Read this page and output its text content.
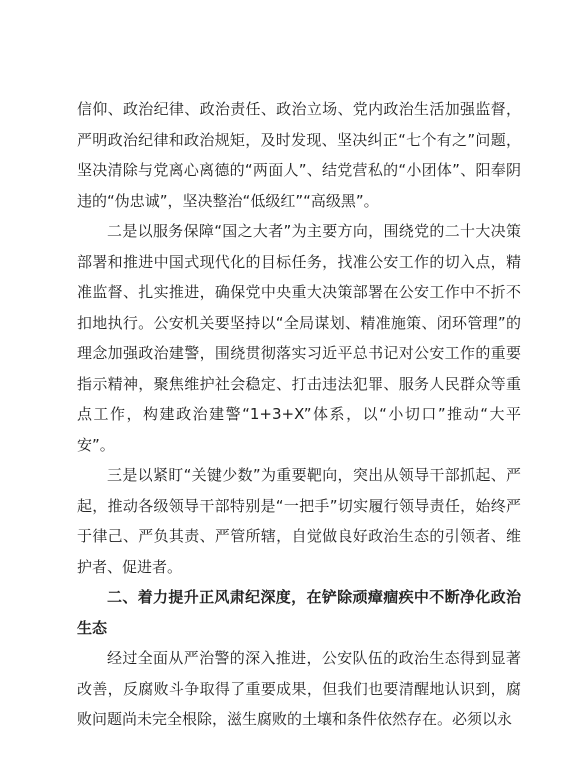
信仰、政治纪律、政治责任、政治立场、党内政治生活加强监督，严明政治纪律和政治规矩，及时发现、坚决纠正“七个有之”问题，坚决清除与党离心离德的“两面人”、结党营私的“小团体”、阳奉阴违的“伪忠诚”，坚决整治“低级红”“高级黑”。

二是以服务保障“国之大者”为主要方向，围绕党的二十大决策部署和推进中国式现代化的目标任务，找准公安工作的切入点，精准监督、扎实推进，确保党中央重大决策部署在公安工作中不折不扣地执行。公安机关要坚持以“全局谋划、精准施策、闭环管理”的理念加强政治建警，围绕贯彻落实习近平总书记对公安工作的重要指示精神，聚焦维护社会稳定、打击违法犯罪、服务人民群众等重点工作，构建政治建警“1+3+X”体系，以“小切口”推动“大平安”。

三是以紧盯“关键少数”为重要靶向，突出从领导干部抓起、严起，推动各级领导干部特别是“一把手”切实履行领导责任，始终严于律己、严负其责、严管所辖，自觉做良好政治生态的引领者、维护者、促进者。

二、着力提升正风肃纪深度，在铲除顽瘴痼疾中不断净化政治生态

经过全面从严治警的深入推进，公安队伍的政治生态得到显著改善，反腐败斗争取得了重要成果，但我们也要清醒地认识到，腐败问题尚未完全根除，滋生腐败的土壤和条件依然存在。必须以永
